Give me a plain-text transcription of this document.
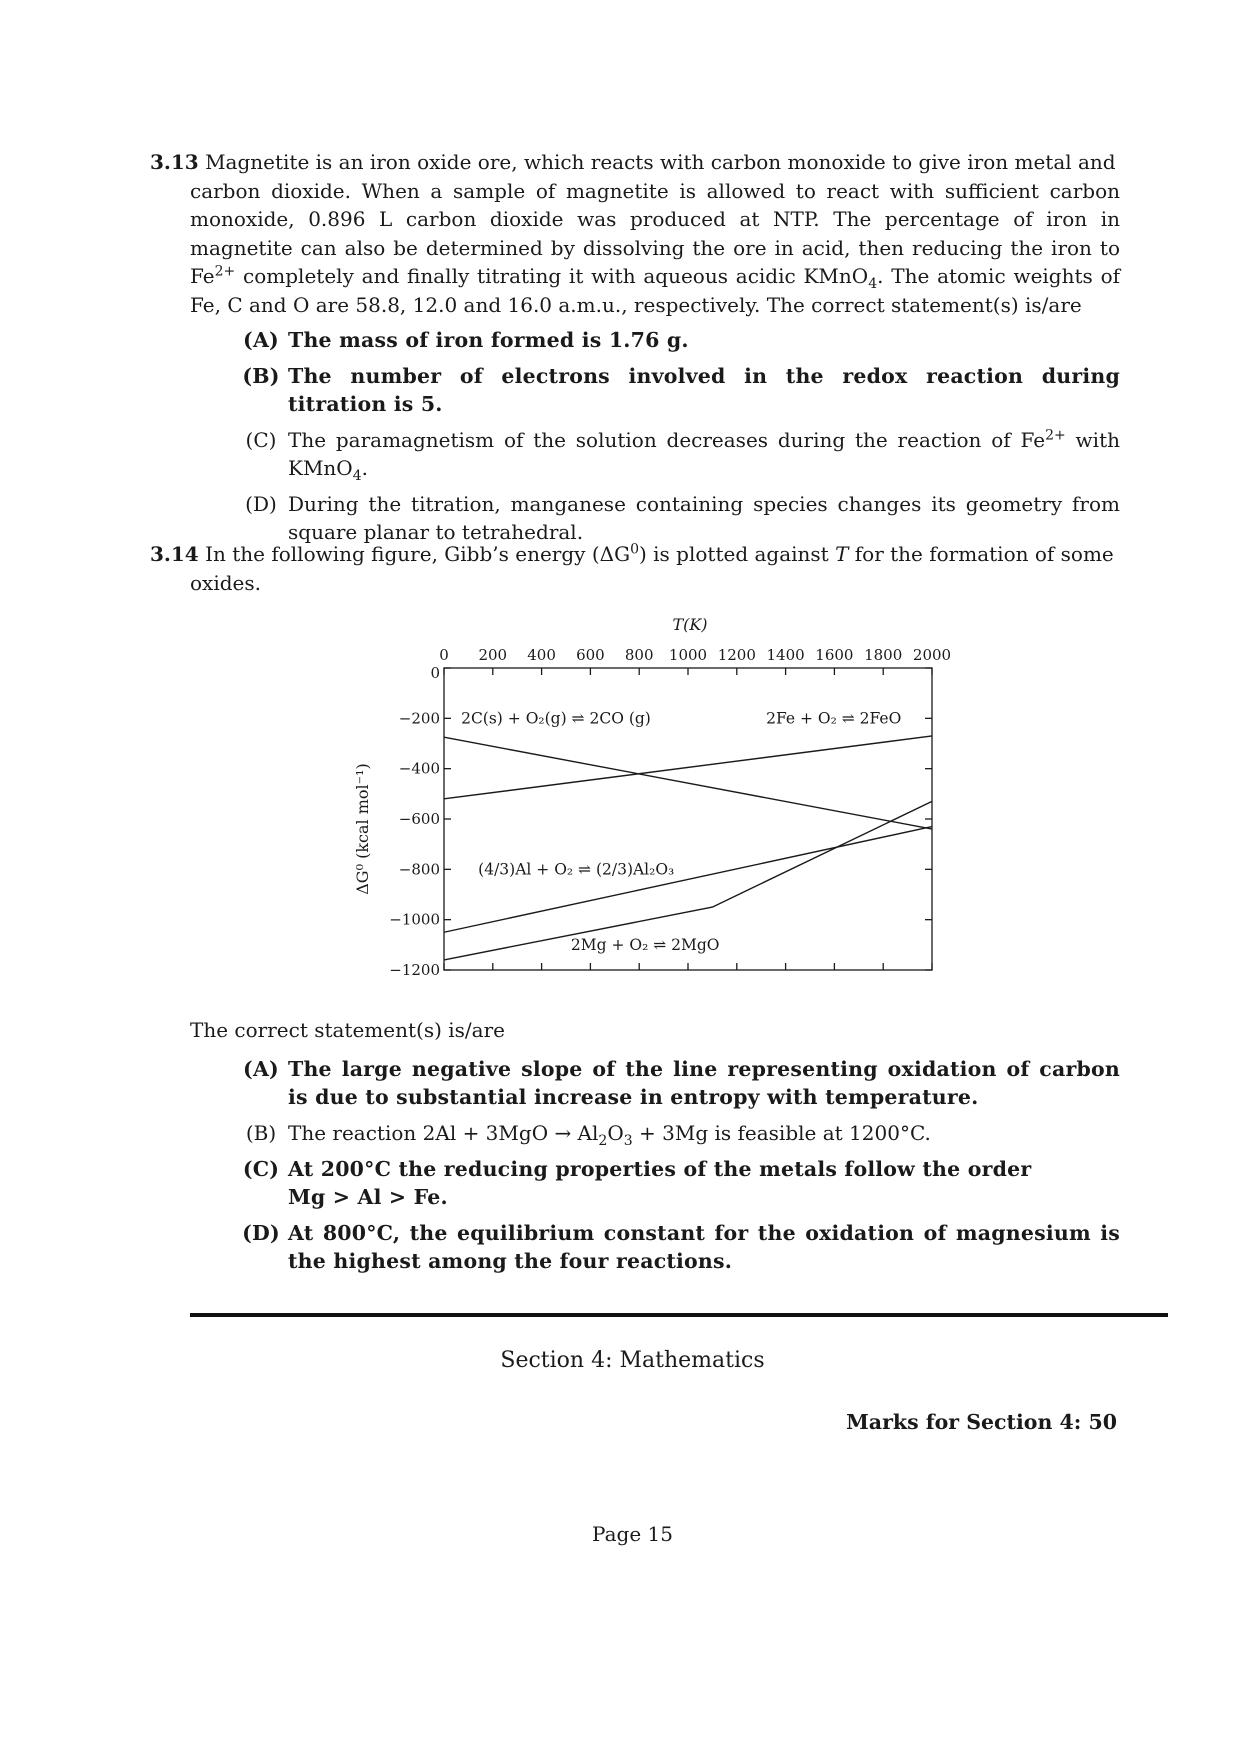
3.13 Magnetite is an iron oxide ore, which reacts with carbon monoxide to give iron metal and
carbon dioxide. When a sample of magnetite is allowed to react with sufficient carbon monoxide, 0.896 L carbon dioxide was produced at NTP. The percentage of iron in magnetite can also be determined by dissolving the ore in acid, then reducing the iron to $Fe^{2+}$ completely and finally titrating it with aqueous acidic KMnO$_4$. The atomic weights of Fe, C and O are 58.8, 12.0 and 16.0 a.m.u., respectively. The correct statement(s) is/are
(A) The mass of iron formed is 1.76 g.
(B) The number of electrons involved in the redox reaction during titration is 5.
(C) The paramagnetism of the solution decreases during the reaction of $Fe^{2+}$ with KMnO$_4$.
(D) During the titration, manganese containing species changes its geometry from square planar to tetrahedral.
3.14 In the following figure, Gibb’s energy $(\Delta G^0)$ is plotted against T for the formation of some
oxides.
0 200 400 600 800 1000 1200 1400 1600 1800 2000
0
−200
−400
−600
−800
−1000
−1200
T(K)
ΔG⁰ (kcal mol⁻¹)
2C(s) + O₂(g) ⇌ 2CO (g)	2Fe + O₂ ⇌ 2FeO
(4/3)Al + O₂ ⇌ (2/3)Al₂O₃
2Mg + O₂ ⇌ 2MgO
The correct statement(s) is/are
(A) The large negative slope of the line representing oxidation of carbon is due to substantial increase in entropy with temperature.
(B) The reaction $2Al + 3MgO \to Al_2O_3 + 3Mg$ is feasible at 1200°C.
(C) At 200°C the reducing properties of the metals follow the order
Mg > Al > Fe.
(D) At 800°C, the equilibrium constant for the oxidation of magnesium is the highest among the four reactions.
Section 4: Mathematics
Marks for Section 4: 50
Page 15
